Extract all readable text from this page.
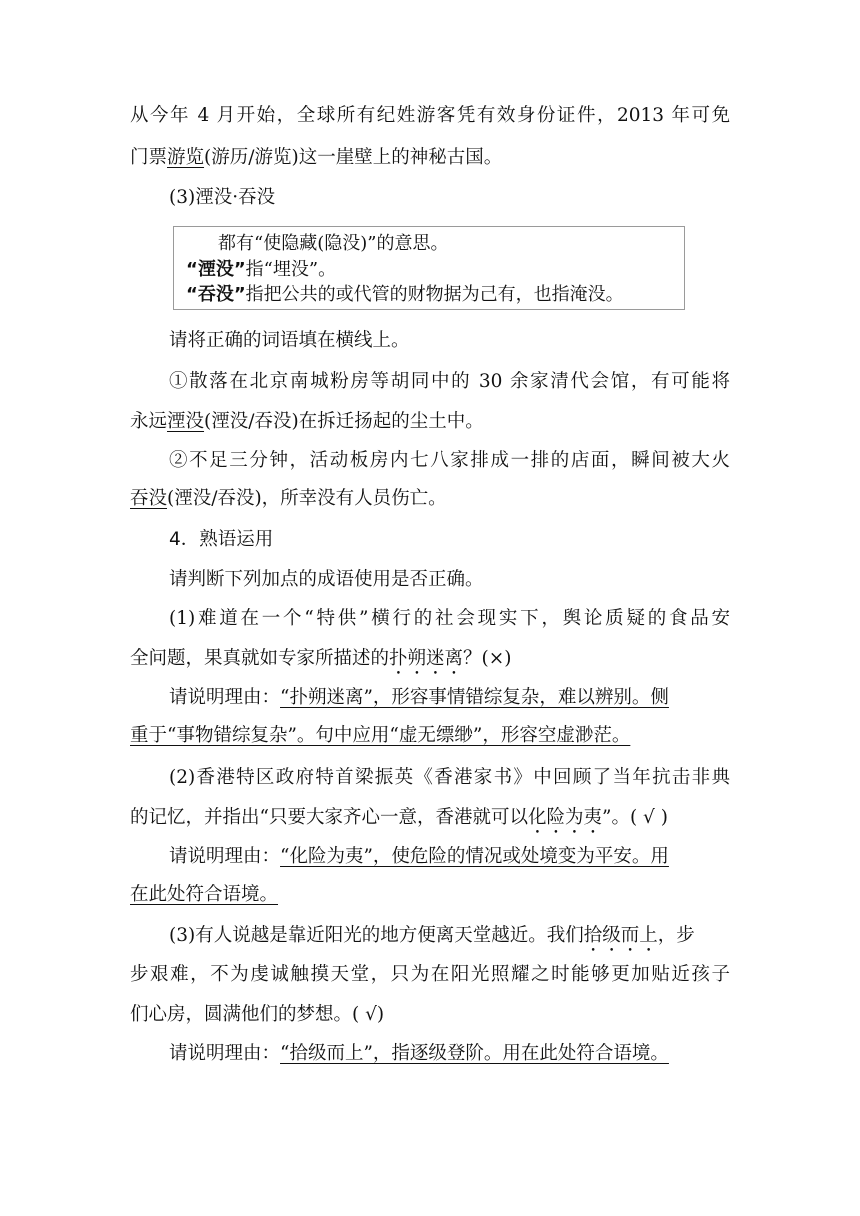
从今年 4 月开始，全球所有纪姓游客凭有效身份证件，2013 年可免
门票游览(游历/游览)这一崖壁上的神秘古国。
(3)湮没·吞没
都有“使隐藏(隐没)”的意思。
“湮没”指“埋没”。
“吞没”指把公共的或代管的财物据为己有，也指淹没。
请将正确的词语填在横线上。
①散落在北京南城粉房等胡同中的 30 余家清代会馆，有可能将
永远湮没(湮没/吞没)在拆迁扬起的尘土中。
②不足三分钟，活动板房内七八家排成一排的店面，瞬间被大火
吞没(湮没/吞没)，所幸没有人员伤亡。
4．熟语运用
请判断下列加点的成语使用是否正确。
(1)难道在一个“特供”横行的社会现实下，舆论质疑的食品安
全问题，果真就如专家所描述的扑朔迷离？(×)
请说明理由：“扑朔迷离”，形容事情错综复杂，难以辨别。侧
重于“事物错综复杂”。句中应用“虚无缥缈”，形容空虚渺茫。
(2)香港特区政府特首梁振英《香港家书》中回顾了当年抗击非典
的记忆，并指出“只要大家齐心一意，香港就可以化险为夷”。( √ )
请说明理由：“化险为夷”，使危险的情况或处境变为平安。用
在此处符合语境。
(3)有人说越是靠近阳光的地方便离天堂越近。我们拾级而上，步
步艰难，不为虔诚触摸天堂，只为在阳光照耀之时能够更加贴近孩子
们心房，圆满他们的梦想。( √)
请说明理由：“拾级而上”，指逐级登阶。用在此处符合语境。
